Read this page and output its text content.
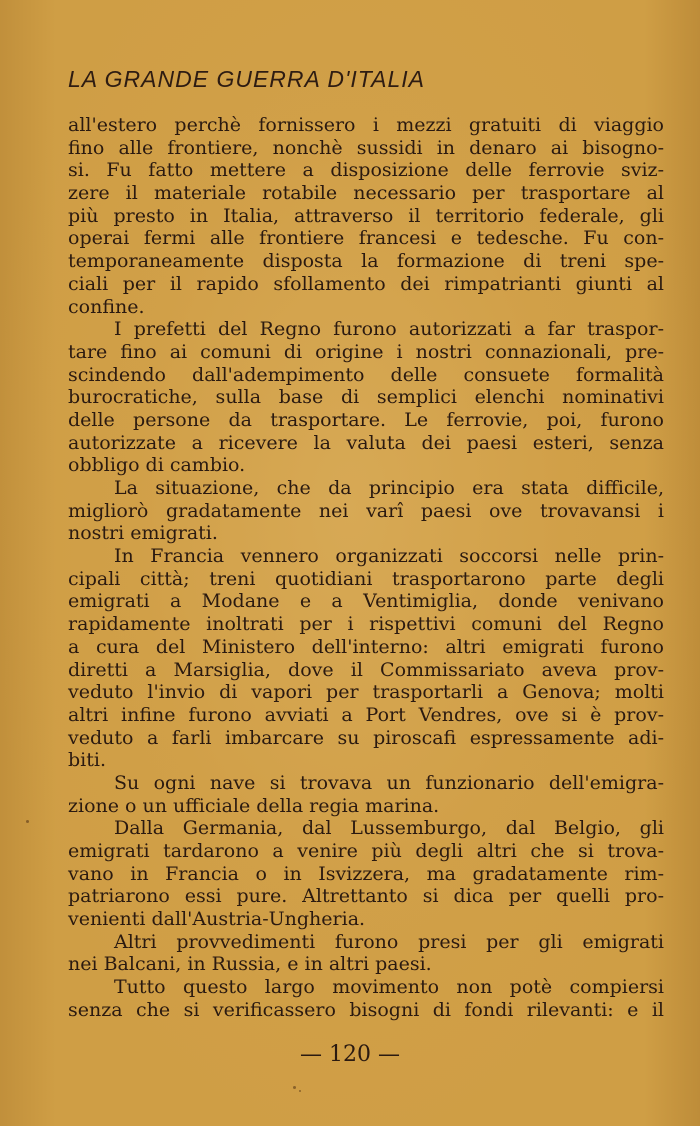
LA GRANDE GUERRA D'ITALIA
all'estero perchè fornissero i mezzi gratuiti di viaggio
fino alle frontiere, nonchè sussidi in denaro ai bisogno-
si. Fu fatto mettere a disposizione delle ferrovie sviz-
zere il materiale rotabile necessario per trasportare al
più presto in Italia, attraverso il territorio federale, gli
operai fermi alle frontiere francesi e tedesche. Fu con-
temporaneamente disposta la formazione di treni spe-
ciali per il rapido sfollamento dei rimpatrianti giunti al
confine.
I prefetti del Regno furono autorizzati a far traspor-
tare fino ai comuni di origine i nostri connazionali, pre-
scindendo dall'adempimento delle consuete formalità
burocratiche, sulla base di semplici elenchi nominativi
delle persone da trasportare. Le ferrovie, poi, furono
autorizzate a ricevere la valuta dei paesi esteri, senza
obbligo di cambio.
La situazione, che da principio era stata difficile,
migliorò gradatamente nei varî paesi ove trovavansi i
nostri emigrati.
In Francia vennero organizzati soccorsi nelle prin-
cipali città; treni quotidiani trasportarono parte degli
emigrati a Modane e a Ventimiglia, donde venivano
rapidamente inoltrati per i rispettivi comuni del Regno
a cura del Ministero dell'interno: altri emigrati furono
diretti a Marsiglia, dove il Commissariato aveva prov-
veduto l'invio di vapori per trasportarli a Genova; molti
altri infine furono avviati a Port Vendres, ove si è prov-
veduto a farli imbarcare su piroscafi espressamente adi-
biti.
Su ogni nave si trovava un funzionario dell'emigra-
zione o un ufficiale della regia marina.
Dalla Germania, dal Lussemburgo, dal Belgio, gli
emigrati tardarono a venire più degli altri che si trova-
vano in Francia o in Isvizzera, ma gradatamente rim-
patriarono essi pure. Altrettanto si dica per quelli pro-
venienti dall'Austria-Ungheria.
Altri provvedimenti furono presi per gli emigrati
nei Balcani, in Russia, e in altri paesi.
Tutto questo largo movimento non potè compiersi
senza che si verificassero bisogni di fondi rilevanti: e il
— 120 —
